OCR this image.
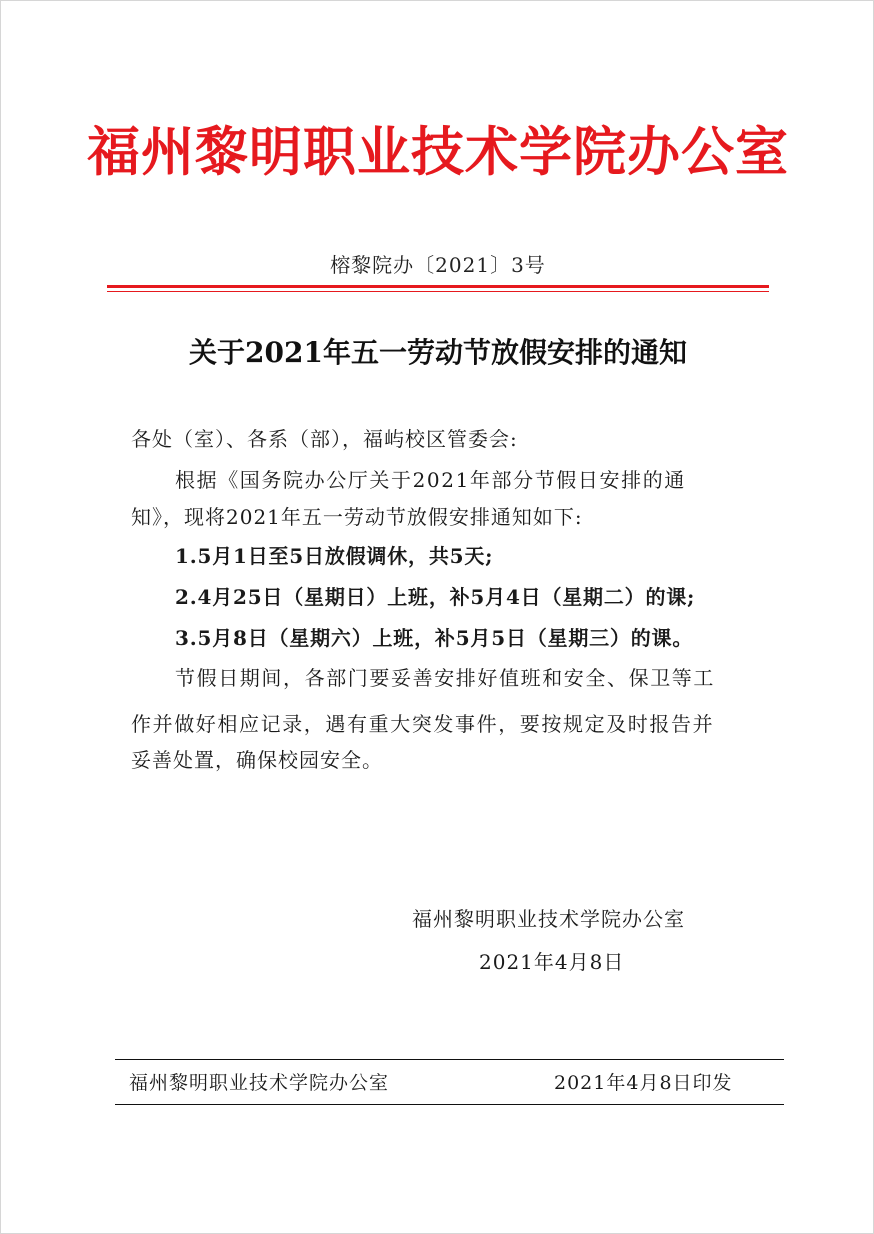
福州黎明职业技术学院办公室
榕黎院办〔2021〕3号
关于2021年五一劳动节放假安排的通知
各处（室）、各系（部），福屿校区管委会:
根据《国务院办公厅关于2021年部分节假日安排的通
知》，现将2021年五一劳动节放假安排通知如下:
1.5月1日至5日放假调休，共5天;
2.4月25日（星期日）上班，补5月4日（星期二）的课;
3.5月8日（星期六）上班，补5月5日（星期三）的课。
节假日期间，各部门要妥善安排好值班和安全、保卫等工
作并做好相应记录，遇有重大突发事件，要按规定及时报告并
妥善处置，确保校园安全。
福州黎明职业技术学院办公室
2021年4月8日
福州黎明职业技术学院办公室	2021年4月8日印发
